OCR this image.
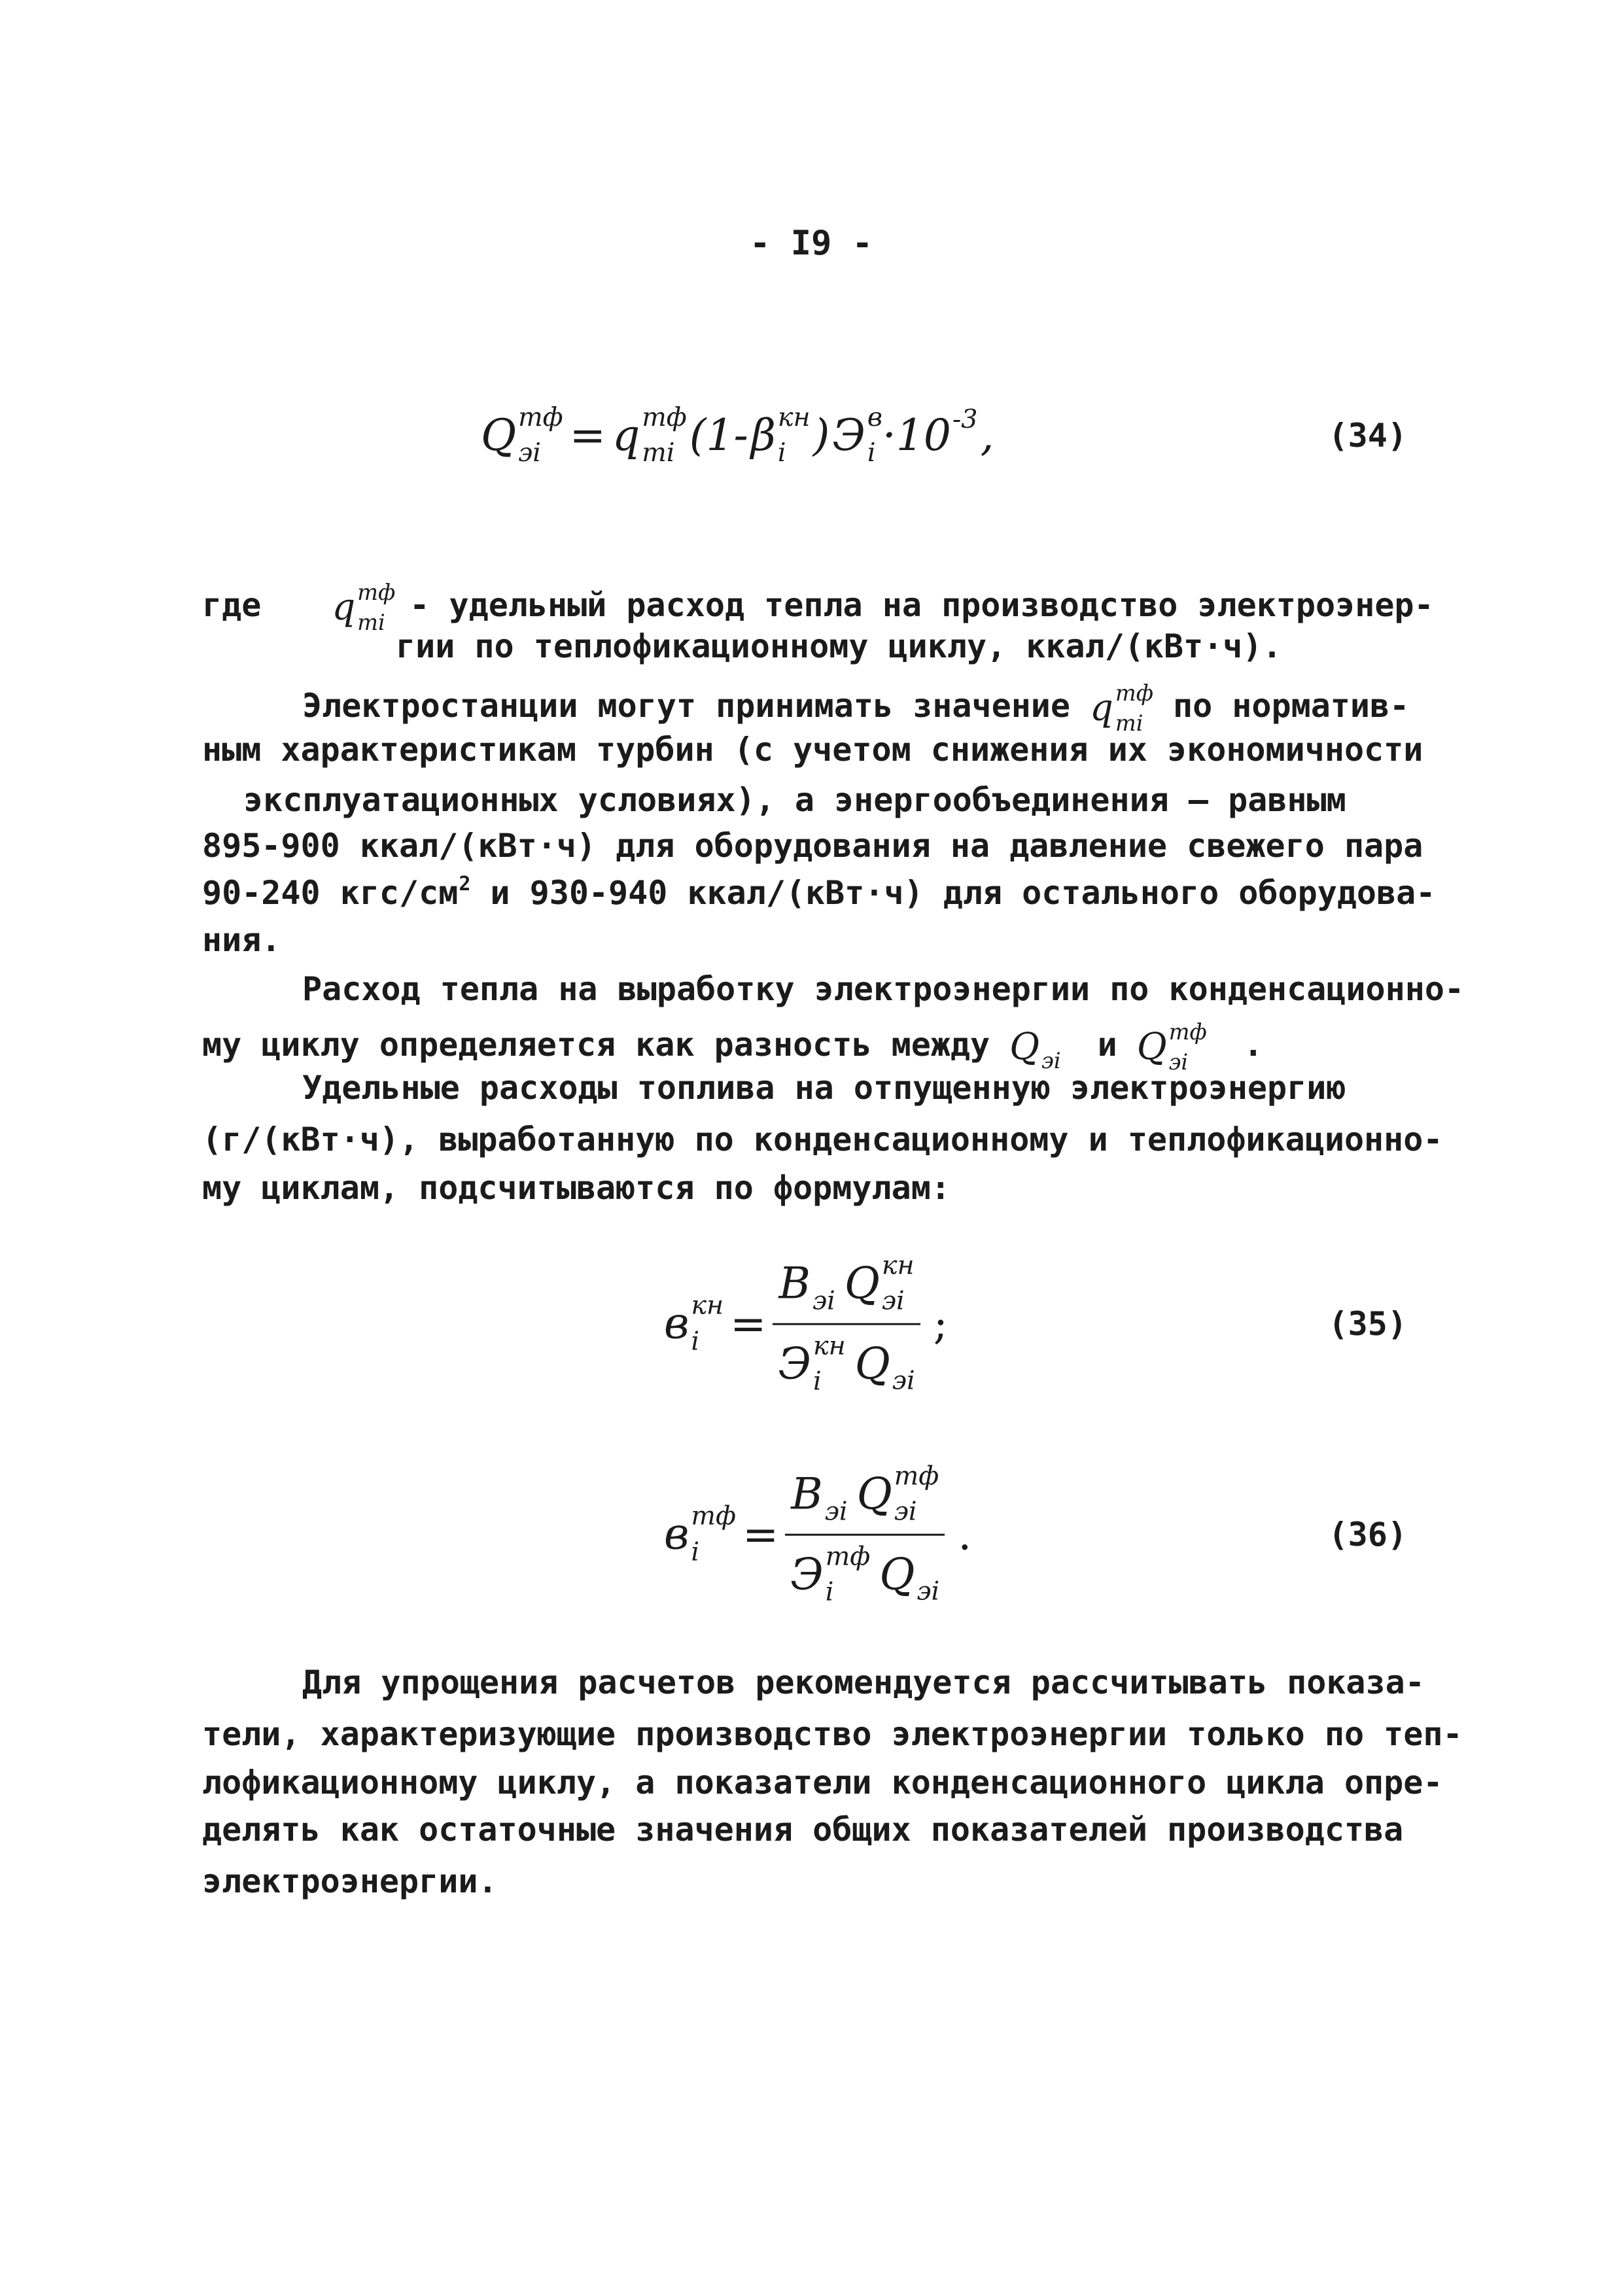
- I9 -
Q тф
эi = q тф
тi (1- β кн
i ) Э в
$i \cdot 10^{-3}$ ,	(34)
где q тф
тi - удельный расход тепла на производство электроэнер-
гии по теплофикационному циклу, ккал/(кВт·ч).
Электростанции могут принимать значение q тф
тi по норматив-
ным характеристикам турбин (с учетом снижения их экономичности
эксплуатационных условиях), а энергообъединения – равным
895-900 ккал/(кВт·ч) для оборудования на давление свежего пара
90-240 кгс/$см^2$ и 930-940 ккал/(кВт·ч) для остального оборудова-
ния.
Расход тепла на выработку электроэнергии по конденсационно-
му циклу определяется как разность между $Q_{эi}$ и Q тф
эi	.
Удельные расходы топлива на отпущенную электроэнергию
(г/(кВт·ч), выработанную по конденсационному и теплофикационно-
му циклам, подсчитываются по формулам:
в кн
i =
$В_{эi}$ Q кн
эi
Э кн
i $Q_{эi}$
;	(35)
в тф
i =
$В_{эi}$ Q тф
эi
Э тф
i	$Q_{эi}$
.	(36)
Для упрощения расчетов рекомендуется рассчитывать показа-
тели, характеризующие производство электроэнергии только по теп-
лофикационному циклу, а показатели конденсационного цикла опре-
делять как остаточные значения общих показателей производства
электроэнергии.
